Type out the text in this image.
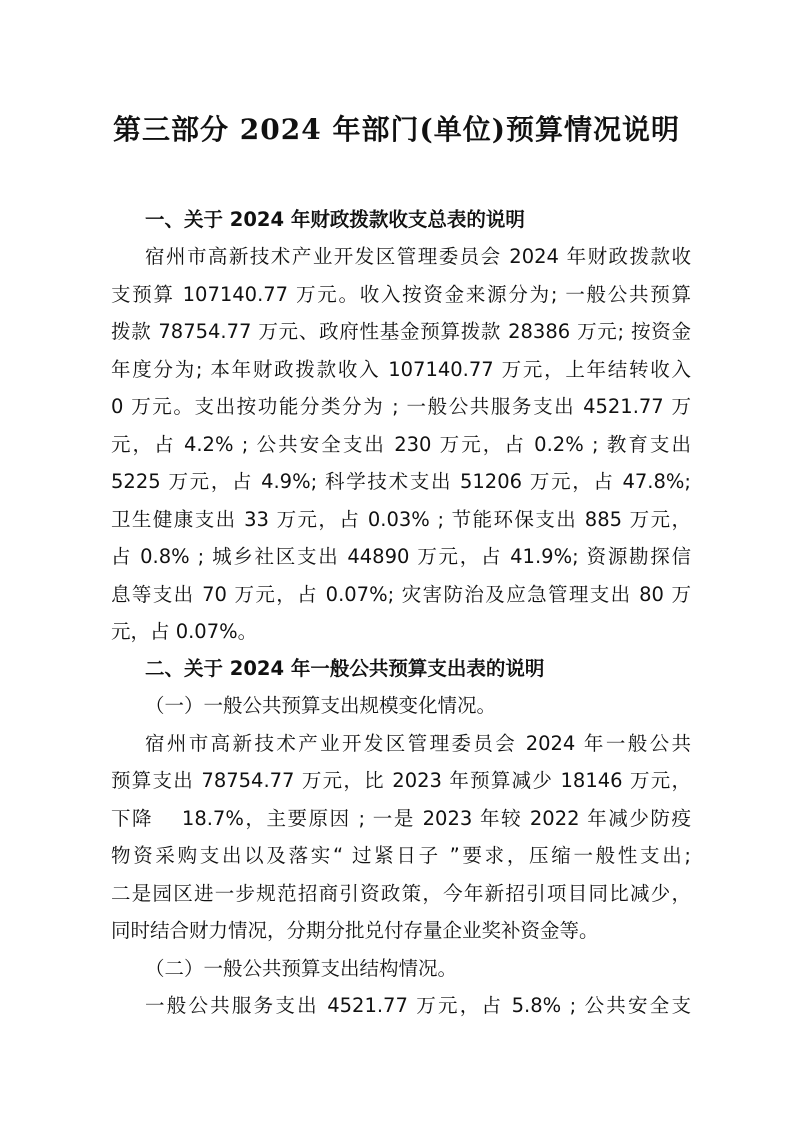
第三部分 2024 年部门(单位)预算情况说明
一、关于 2024 年财政拨款收支总表的说明
宿州市高新技术产业开发区管理委员会 2024 年财政拨款收
支预算 107140.77 万元。收入按资金来源分为; 一般公共预算
拨款 78754.77 万元、政府性基金预算拨款 28386 万元; 按资金
年度分为; 本年财政拨款收入 107140.77 万元，上年结转收入
0 万元。支出按功能分类分为 ; 一般公共服务支出 4521.77 万
元，占 4.2% ; 公共安全支出 230 万元，占 0.2% ; 教育支出
5225 万元，占 4.9%; 科学技术支出 51206 万元，占 47.8%;
卫生健康支出 33 万元，占 0.03% ; 节能环保支出 885 万元，
占 0.8% ; 城乡社区支出 44890 万元，占 41.9%; 资源勘探信
息等支出 70 万元，占 0.07%; 灾害防治及应急管理支出 80 万
元，占 0.07%。
二、关于 2024 年一般公共预算支出表的说明
（一）一般公共预算支出规模变化情况。
宿州市高新技术产业开发区管理委员会 2024 年一般公共
预算支出 78754.77 万元，比 2023 年预算减少 18146 万元，
下降　 18.7%，主要原因 ; 一是 2023 年较 2022 年减少防疫
物资采购支出以及落实“ 过紧日子 ”要求，压缩一般性支出;
二是园区进一步规范招商引资政策，今年新招引项目同比减少，
同时结合财力情况，分期分批兑付存量企业奖补资金等。
（二）一般公共预算支出结构情况。
一般公共服务支出 4521.77 万元，占 5.8% ; 公共安全支
